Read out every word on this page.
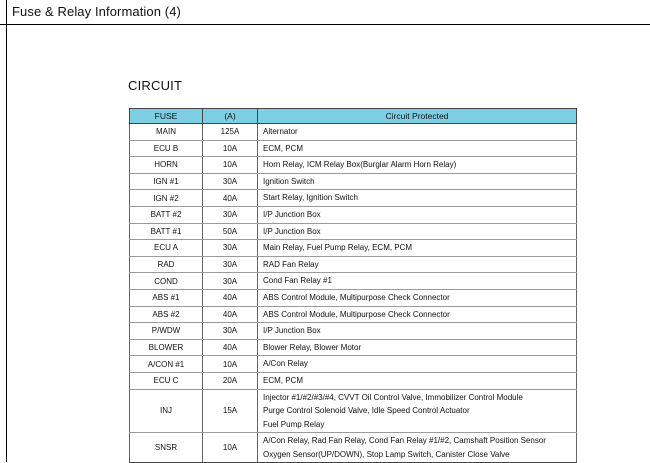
Fuse & Relay Information (4)
CIRCUIT
FUSE	(A)	Circuit Protected
MAIN	125A	Alternator

ECU B	10A	ECM, PCM

HORN	10A	Horn Relay, ICM Relay Box(Burglar Alarm Horn Relay)

IGN #1	30A	Ignition Switch

IGN #2	40A	Start Relay, Ignition Switch

BATT #2	30A	I/P Junction Box

BATT #1	50A	I/P Junction Box

ECU A	30A	Main Relay, Fuel Pump Relay, ECM, PCM

RAD	30A	RAD Fan Relay

COND	30A	Cond Fan Relay #1

ABS #1	40A	ABS Control Module, Multipurpose Check Connector

ABS #2	40A	ABS Control Module, Multipurpose Check Connector

P/WDW	30A	I/P Junction Box

BLOWER	40A	Blower Relay, Blower Motor

A/CON #1	10A	A/Con Relay

ECU C	20A	ECM, PCM

INJ	15A	Injector #1/#2/#3/#4, CVVT Oil Control Valve, Immobilizer Control Module
Purge Control Solenoid Valve, Idle Speed Control Actuator
Fuel Pump Relay

SNSR	10A	A/Con Relay, Rad Fan Relay, Cond Fan Relay #1/#2, Camshaft Position Sensor
Oxygen Sensor(UP/DOWN), Stop Lamp Switch, Canister Close Valve
